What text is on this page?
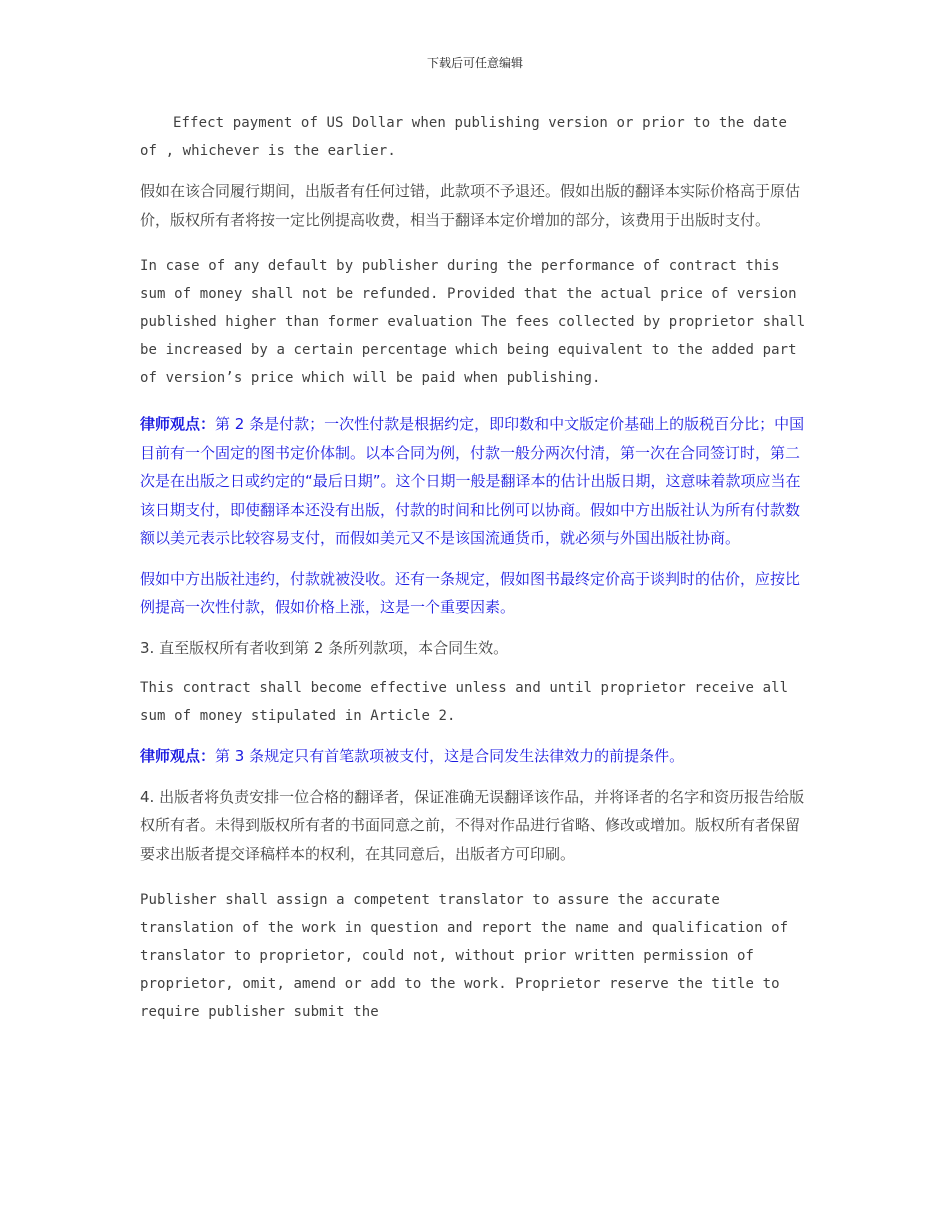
下载后可任意编辑

Effect payment of US Dollar when publishing version or prior to the date of , whichever is the earlier.

假如在该合同履行期间，出版者有任何过错，此款项不予退还。假如出版的翻译本实际价格高于原估价，版权所有者将按一定比例提高收费，相当于翻译本定价增加的部分，该费用于出版时支付。

In case of any default by publisher during the performance of contract this sum of money shall not be refunded. Provided that the actual price of version published higher than former evaluation The fees collected by proprietor shall be increased by a certain percentage which being equivalent to the added part of version’s price which will be paid when publishing.

律师观点：第 2 条是付款；一次性付款是根据约定，即印数和中文版定价基础上的版税百分比；中国目前有一个固定的图书定价体制。以本合同为例，付款一般分两次付清，第一次在合同签订时，第二次是在出版之日或约定的“最后日期”。这个日期一般是翻译本的估计出版日期，这意味着款项应当在该日期支付，即使翻译本还没有出版，付款的时间和比例可以协商。假如中方出版社认为所有付款数额以美元表示比较容易支付，而假如美元又不是该国流通货币，就必须与外国出版社协商。

假如中方出版社违约，付款就被没收。还有一条规定，假如图书最终定价高于谈判时的估价，应按比例提高一次性付款，假如价格上涨，这是一个重要因素。

3. 直至版权所有者收到第 2 条所列款项，本合同生效。

This contract shall become effective unless and until proprietor receive all sum of money stipulated in Article 2.

律师观点：第 3 条规定只有首笔款项被支付，这是合同发生法律效力的前提条件。

4. 出版者将负责安排一位合格的翻译者，保证准确无误翻译该作品，并将译者的名字和资历报告给版权所有者。未得到版权所有者的书面同意之前，不得对作品进行省略、修改或增加。版权所有者保留要求出版者提交译稿样本的权利，在其同意后，出版者方可印刷。

Publisher shall assign a competent translator to assure the accurate translation of the work in question and report the name and qualification of translator to proprietor, could not, without prior written permission of proprietor, omit, amend or add to the work. Proprietor reserve the title to require publisher submit the
